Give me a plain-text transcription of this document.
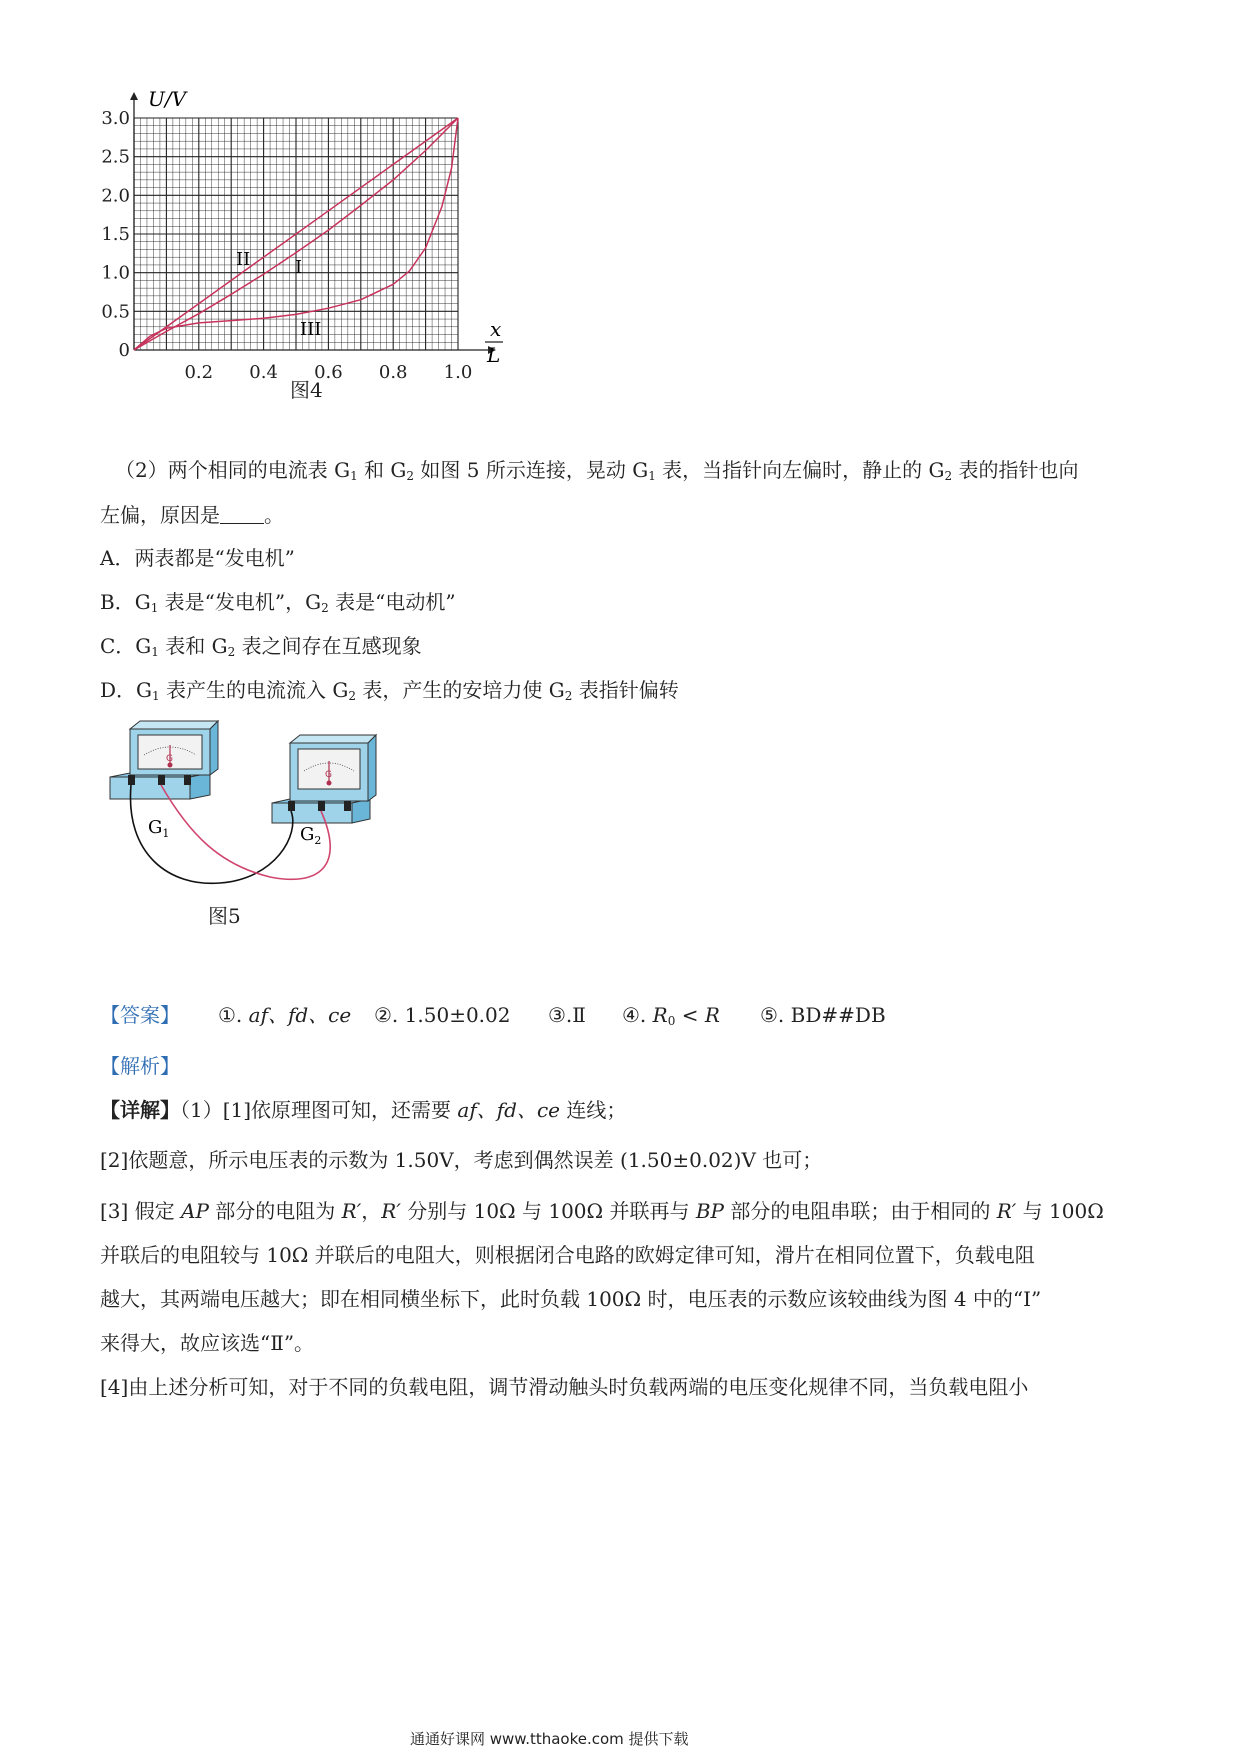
3.0
2.5
2.0
1.5
1.0
0.5
0
0.2 0.4 0.6 0.8 1.0
U/V
x
L
II I
III
图4
（2）两个相同的电流表 $G_1$ 和 $G_2$ 如图 5 所示连接，晃动 $G_1$ 表，当指针向左偏时，静止的 $G_2$ 表的指针也向
左偏，原因是 。
A．两表都是“发电机”
B．$G_1$ 表是“发电机”，$G_2$ 表是“电动机”
C．$G_1$ 表和 $G_2$ 表之间存在互感现象
D．$G_1$ 表产生的电流流入 $G_2$ 表，产生的安培力使 $G_2$ 表指针偏转
G
G
$G_1$	$G_2$
图5
【答案】 ①. af、fd、ce ②. 1.50±0.02 ③.Ⅱ ④. $R_0 < R$ ⑤. BD##DB
【解析】
【详解】（1）[1]依原理图可知，还需要 af、fd、ce 连线；
[2]依题意，所示电压表的示数为 1.50V，考虑到偶然误差 (1.50±0.02)V 也可；
[3] 假定 AP 部分的电阻为 R′，R′ 分别与 10Ω 与 100Ω 并联再与 BP 部分的电阻串联；由于相同的 R′ 与 100Ω
并联后的电阻较与 10Ω 并联后的电阻大，则根据闭合电路的欧姆定律可知，滑片在相同位置下，负载电阻
越大，其两端电压越大；即在相同横坐标下，此时负载 100Ω 时，电压表的示数应该较曲线为图 4 中的“I”
来得大，故应该选“Ⅱ”。
[4]由上述分析可知，对于不同的负载电阻，调节滑动触头时负载两端的电压变化规律不同，当负载电阻小
通通好课网 www.tthaoke.com 提供下载
